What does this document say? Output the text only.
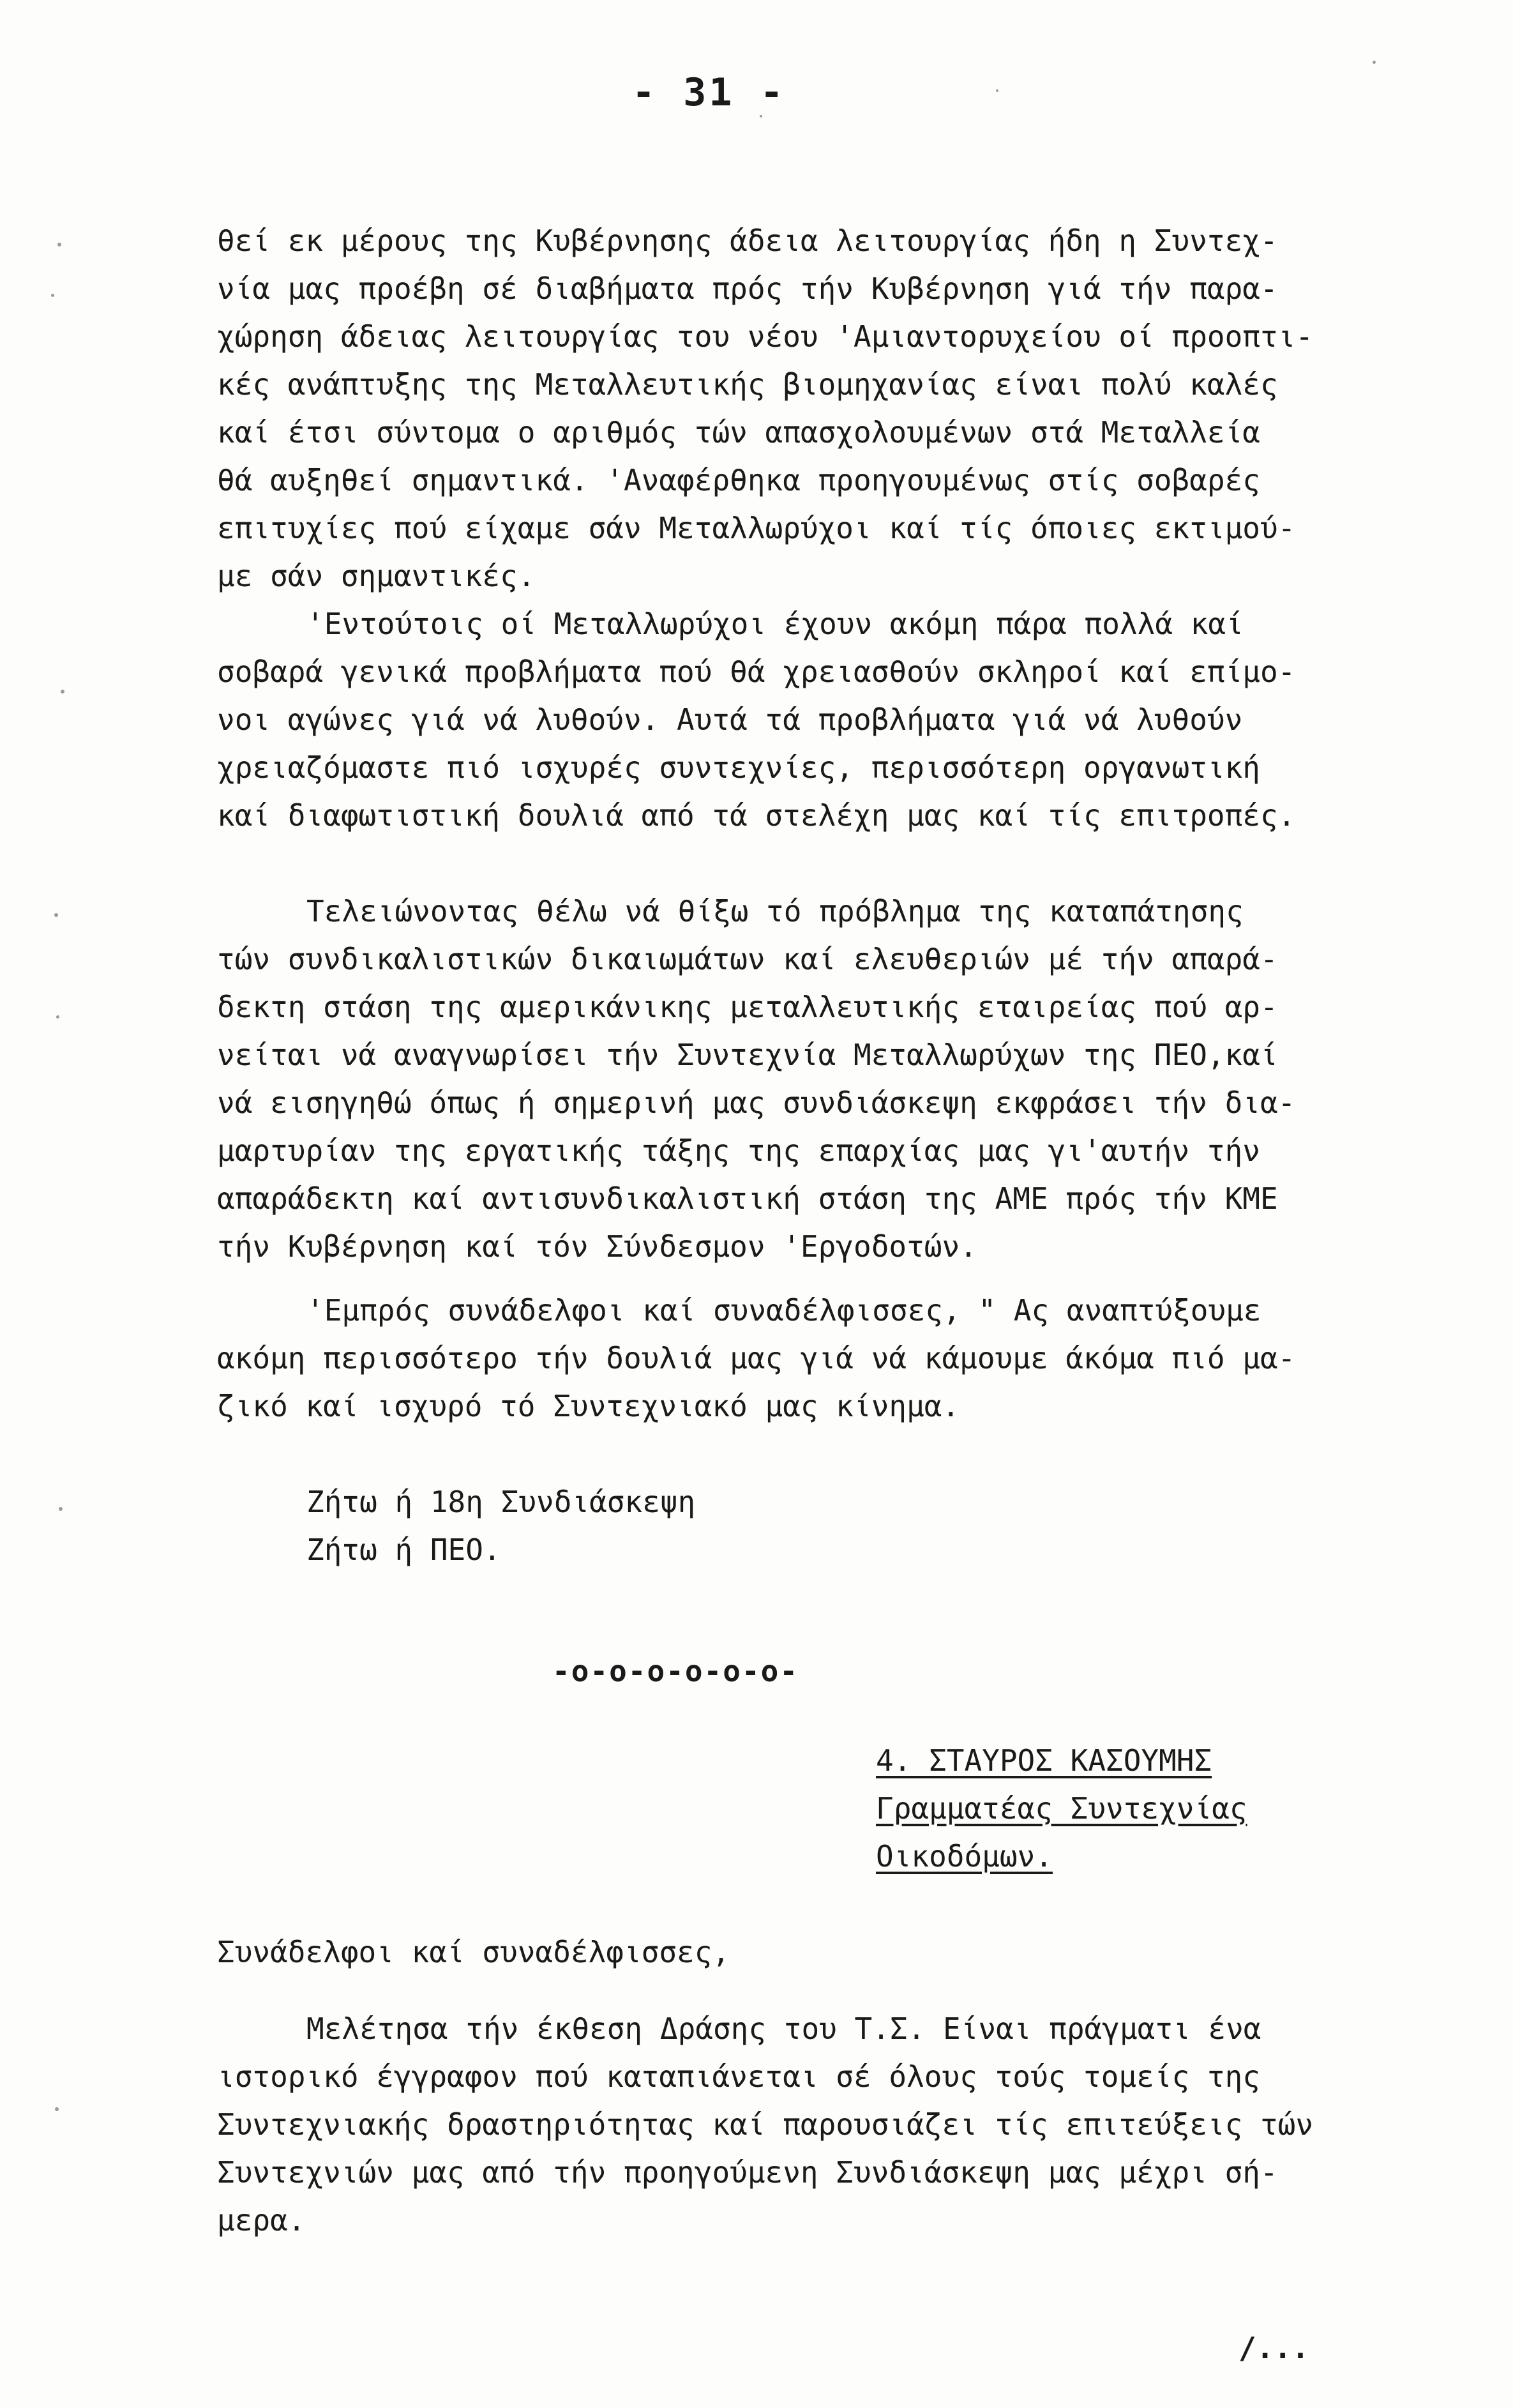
- 31 -
θεί εκ μέρους της Κυβέρνησης άδεια λειτουργίας ήδη η Συντεχ-
νία μας προέβη σέ διαβήματα πρός τήν Κυβέρνηση γιά τήν παρα-
χώρηση άδειας λειτουργίας του νέου 'Αμιαντορυχείου οί προοπτι-
κές ανάπτυξης της Μεταλλευτικής βιομηχανίας είναι πολύ καλές
καί έτσι σύντομα ο αριθμός τών απασχολουμένων στά Μεταλλεία
θά αυξηθεί σημαντικά. 'Αναφέρθηκα προηγουμένως στίς σοβαρές
επιτυχίες πού είχαμε σάν Μεταλλωρύχοι καί τίς όποιες εκτιμού-
με σάν σημαντικές.
'Εντούτοις οί Μεταλλωρύχοι έχουν ακόμη πάρα πολλά καί
σοβαρά γενικά προβλήματα πού θά χρειασθούν σκληροί καί επίμο-
νοι αγώνες γιά νά λυθούν. Αυτά τά προβλήματα γιά νά λυθούν
χρειαζόμαστε πιό ισχυρές συντεχνίες, περισσότερη οργανωτική
καί διαφωτιστική δουλιά από τά στελέχη μας καί τίς επιτροπές.
Τελειώνοντας θέλω νά θίξω τό πρόβλημα της καταπάτησης
τών συνδικαλιστικών δικαιωμάτων καί ελευθεριών μέ τήν απαρά-
δεκτη στάση της αμερικάνικης μεταλλευτικής εταιρείας πού αρ-
νείται νά αναγνωρίσει τήν Συντεχνία Μεταλλωρύχων της ΠΕΟ,καί
νά εισηγηθώ όπως ή σημερινή μας συνδιάσκεψη εκφράσει τήν δια-
μαρτυρίαν της εργατικής τάξης της επαρχίας μας γι'αυτήν τήν
απαράδεκτη καί αντισυνδικαλιστική στάση της ΑΜΕ πρός τήν ΚΜΕ
τήν Κυβέρνηση καί τόν Σύνδεσμον 'Εργοδοτών.
'Εμπρός συνάδελφοι καί συναδέλφισσες, " Ας αναπτύξουμε
ακόμη περισσότερο τήν δουλιά μας γιά νά κάμουμε άκόμα πιό μα-
ζικό καί ισχυρό τό Συντεχνιακό μας κίνημα.
Ζήτω ή 18η Συνδιάσκεψη
Ζήτω ή ΠΕΟ.
-ο-ο-ο-ο-ο-ο-
4. ΣΤΑΥΡΟΣ ΚΑΣΟΥΜΗΣ
Γραμματέας Συντεχνίας
Οικοδόμων.
Συνάδελφοι καί συναδέλφισσες,
Μελέτησα τήν έκθεση Δράσης του Τ.Σ. Είναι πράγματι ένα
ιστορικό έγγραφον πού καταπιάνεται σέ όλους τούς τομείς της
Συντεχνιακής δραστηριότητας καί παρουσιάζει τίς επιτεύξεις τών
Συντεχνιών μας από τήν προηγούμενη Συνδιάσκεψη μας μέχρι σή-
μερα.
/...
